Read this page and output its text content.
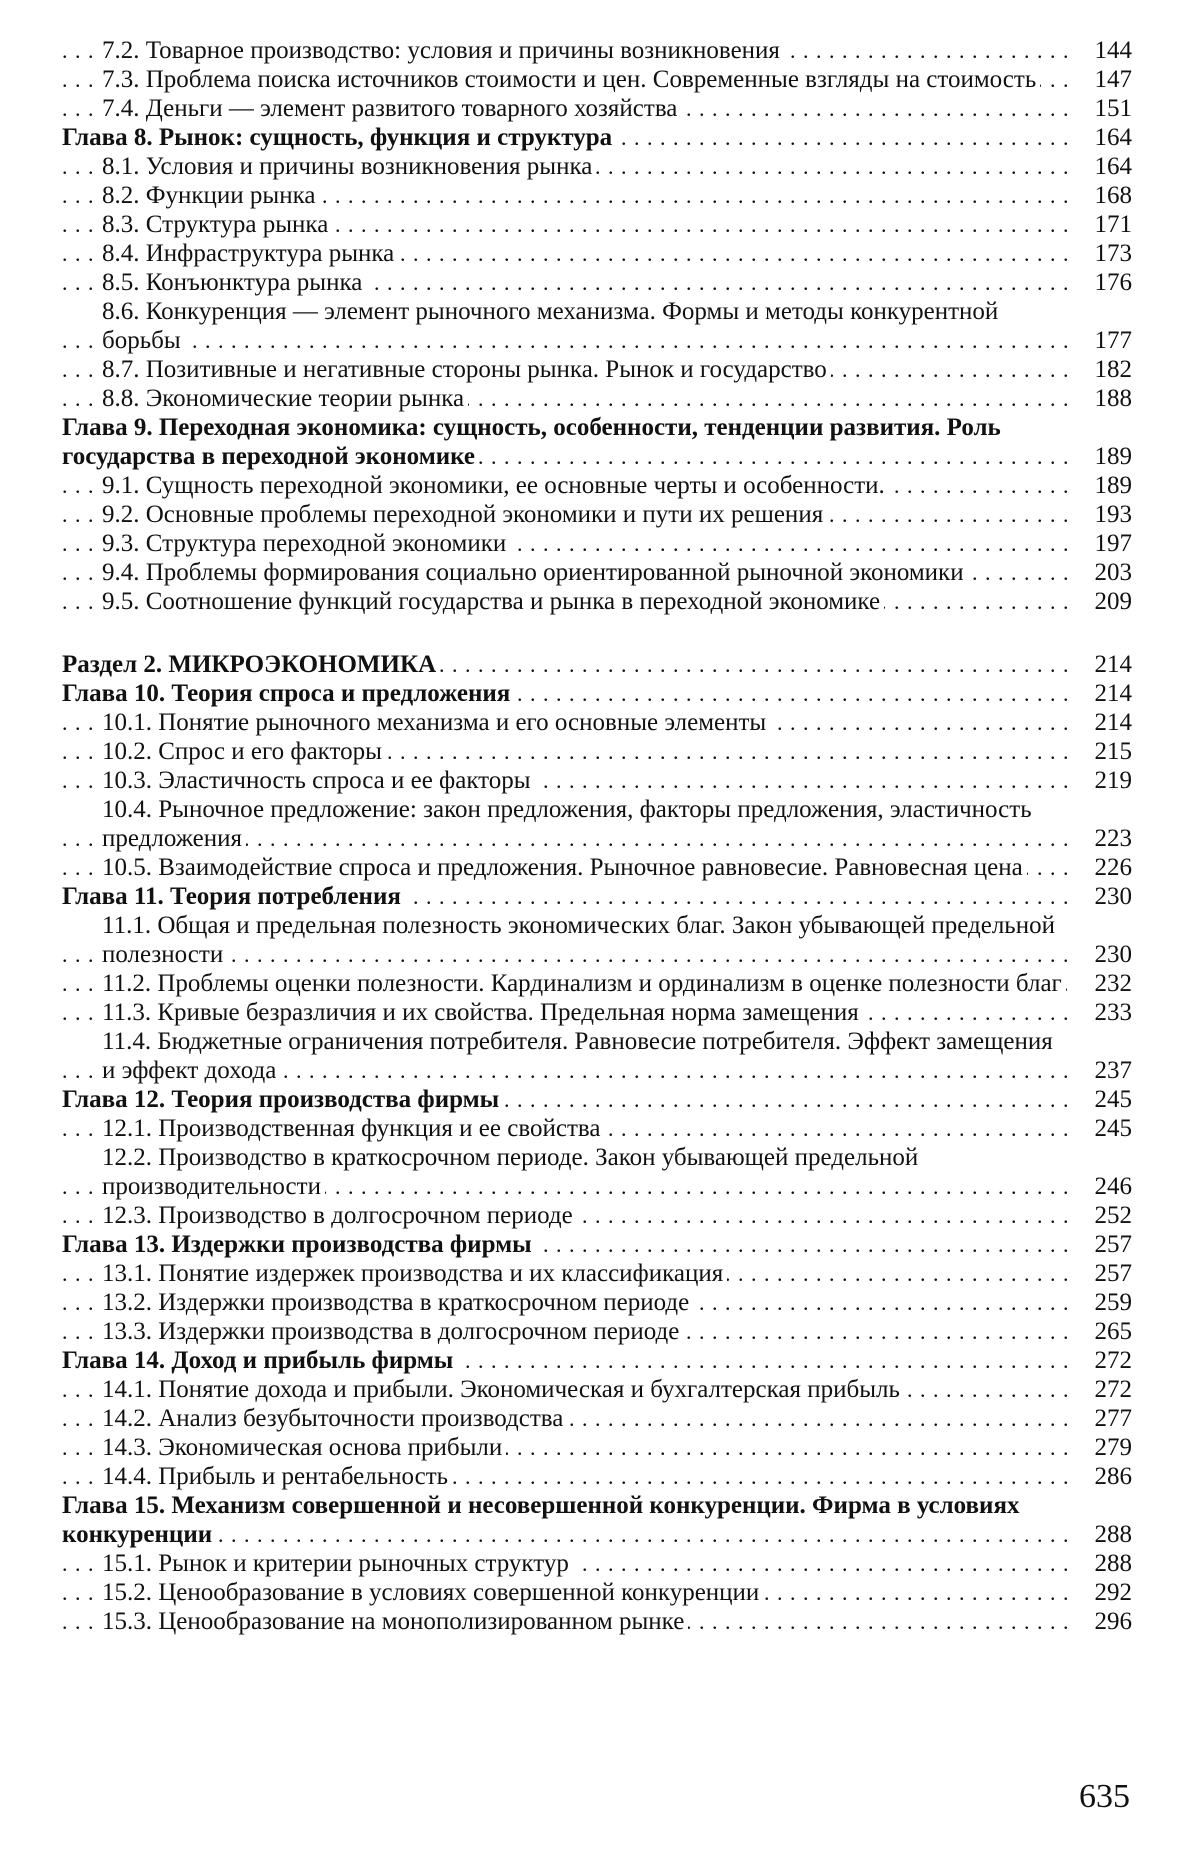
7.2. Товарное производство: условия и причины возникновения . . .	144
7.3. Проблема поиска источников стоимости и цен. Современные взгляды на стоимость . . .	147
7.4. Деньги — элемент развитого товарного хозяйства . . .	151
Глава 8. Рынок: сущность, функция и структура . . .	164
8.1. Условия и причины возникновения рынка . . .	164
8.2. Функции рынка . . .	168
8.3. Структура рынка . . .	171
8.4. Инфраструктура рынка . . .	173
8.5. Конъюнктура рынка . . .	176
8.6. Конкуренция — элемент рыночного механизма. Формы и методы конкурентной борьбы . . .	177
8.7. Позитивные и негативные стороны рынка. Рынок и государство . . .	182
8.8. Экономические теории рынка . . .	188
Глава 9. Переходная экономика: сущность, особенности, тенденции развития. Роль государства в переходной экономике . . .	189
9.1. Сущность переходной экономики, ее основные черты и особенности. . . .	189
9.2. Основные проблемы переходной экономики и пути их решения . . .	193
9.3. Структура переходной экономики . . .	197
9.4. Проблемы формирования социально ориентированной рыночной экономики . . .	203
9.5. Соотношение функций государства и рынка в переходной экономике . . .	209
Раздел 2. МИКРОЭКОНОМИКА . . .	214
Глава 10. Теория спроса и предложения . . .	214
10.1. Понятие рыночного механизма и его основные элементы . . .	214
10.2. Спрос и его факторы . . .	215
10.3. Эластичность спроса и ее факторы . . .	219
10.4. Рыночное предложение: закон предложения, факторы предложения, эластичность предложения . . .	223
10.5. Взаимодействие спроса и предложения. Рыночное равновесие. Равновесная цена . . .	226
Глава 11. Теория потребления . . .	230
11.1. Общая и предельная полезность экономических благ. Закон убывающей предельной полезности . . .	230
11.2. Проблемы оценки полезности. Кардинализм и ординализм в оценке полезности благ . . .	232
11.3. Кривые безразличия и их свойства. Предельная норма замещения . . .	233
11.4. Бюджетные ограничения потребителя. Равновесие потребителя. Эффект замещения и эффект дохода . . .	237
Глава 12. Теория производства фирмы . . .	245
12.1. Производственная функция и ее свойства . . .	245
12.2. Производство в краткосрочном периоде. Закон убывающей предельной производительности . . .	246
12.3. Производство в долгосрочном периоде . . .	252
Глава 13. Издержки производства фирмы . . .	257
13.1. Понятие издержек производства и их классификация . . .	257
13.2. Издержки производства в краткосрочном периоде . . .	259
13.3. Издержки производства в долгосрочном периоде . . .	265
Глава 14. Доход и прибыль фирмы . . .	272
14.1. Понятие дохода и прибыли. Экономическая и бухгалтерская прибыль . . .	272
14.2. Анализ безубыточности производства . . .	277
14.3. Экономическая основа прибыли . . .	279
14.4. Прибыль и рентабельность . . .	286
Глава 15. Механизм совершенной и несовершенной конкуренции. Фирма в условиях конкуренции . . .	288
15.1. Рынок и критерии рыночных структур . . .	288
15.2. Ценообразование в условиях совершенной конкуренции . . .	292
15.3. Ценообразование на монополизированном рынке . . .	296
635
